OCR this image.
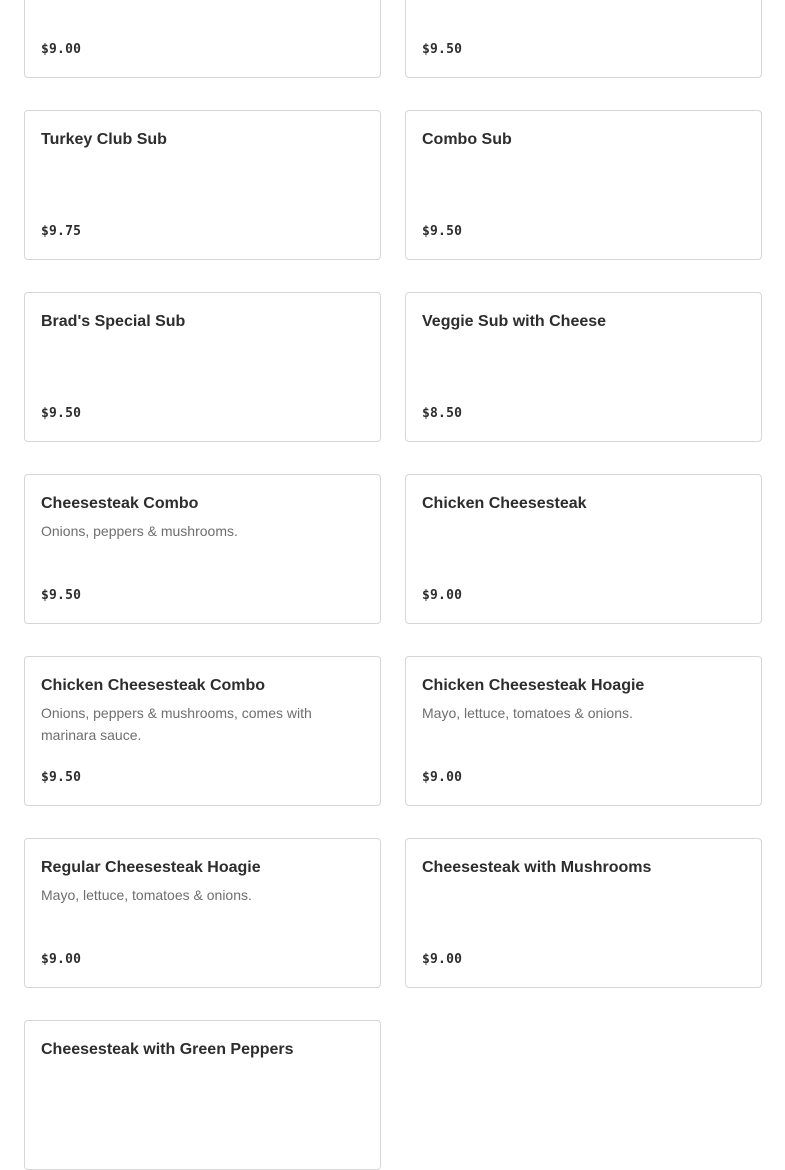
$9.00	$9.50
Turkey Club Sub
$9.75
Combo Sub
$9.50
Brad's Special Sub
$9.50
Veggie Sub with Cheese
$8.50
Cheesesteak Combo
Onions, peppers & mushrooms.
$9.50
Chicken Cheesesteak
$9.00
Chicken Cheesesteak Combo
Onions, peppers & mushrooms, comes with marinara sauce.
$9.50
Chicken Cheesesteak Hoagie
Mayo, lettuce, tomatoes & onions.
$9.00
Regular Cheesesteak Hoagie
Mayo, lettuce, tomatoes & onions.
$9.00
Cheesesteak with Mushrooms
$9.00
Cheesesteak with Green Peppers
